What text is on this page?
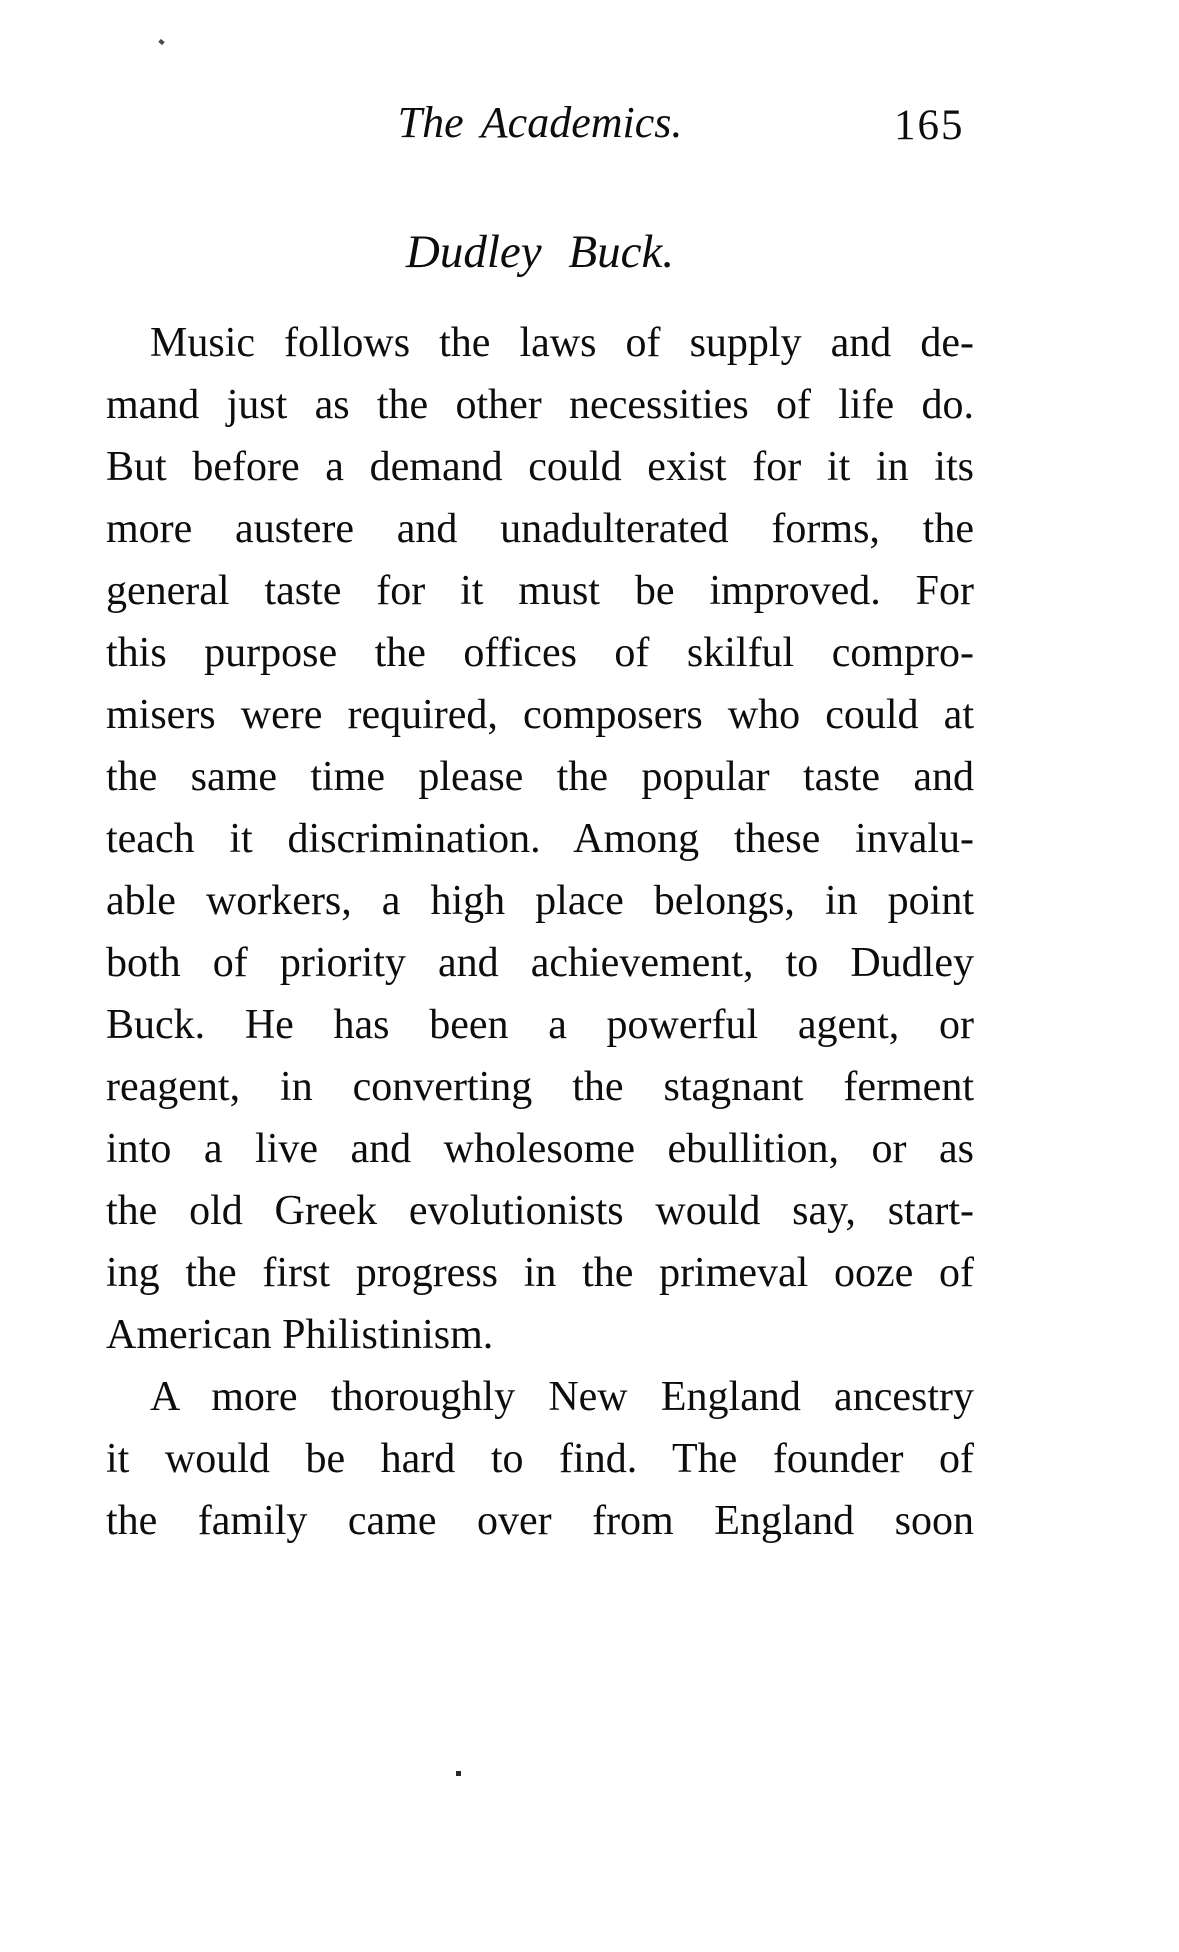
The Academics.	165
Dudley Buck.
Music follows the laws of supply and de-
mand just as the other necessities of life do.
But before a demand could exist for it in its
more austere and unadulterated forms, the
general taste for it must be improved. For
this purpose the offices of skilful compro-
misers were required, composers who could at
the same time please the popular taste and
teach it discrimination. Among these invalu-
able workers, a high place belongs, in point
both of priority and achievement, to Dudley
Buck. He has been a powerful agent, or
reagent, in converting the stagnant ferment
into a live and wholesome ebullition, or as
the old Greek evolutionists would say, start-
ing the first progress in the primeval ooze of
American Philistinism.
A more thoroughly New England ancestry
it would be hard to find. The founder of
the family came over from England soon
